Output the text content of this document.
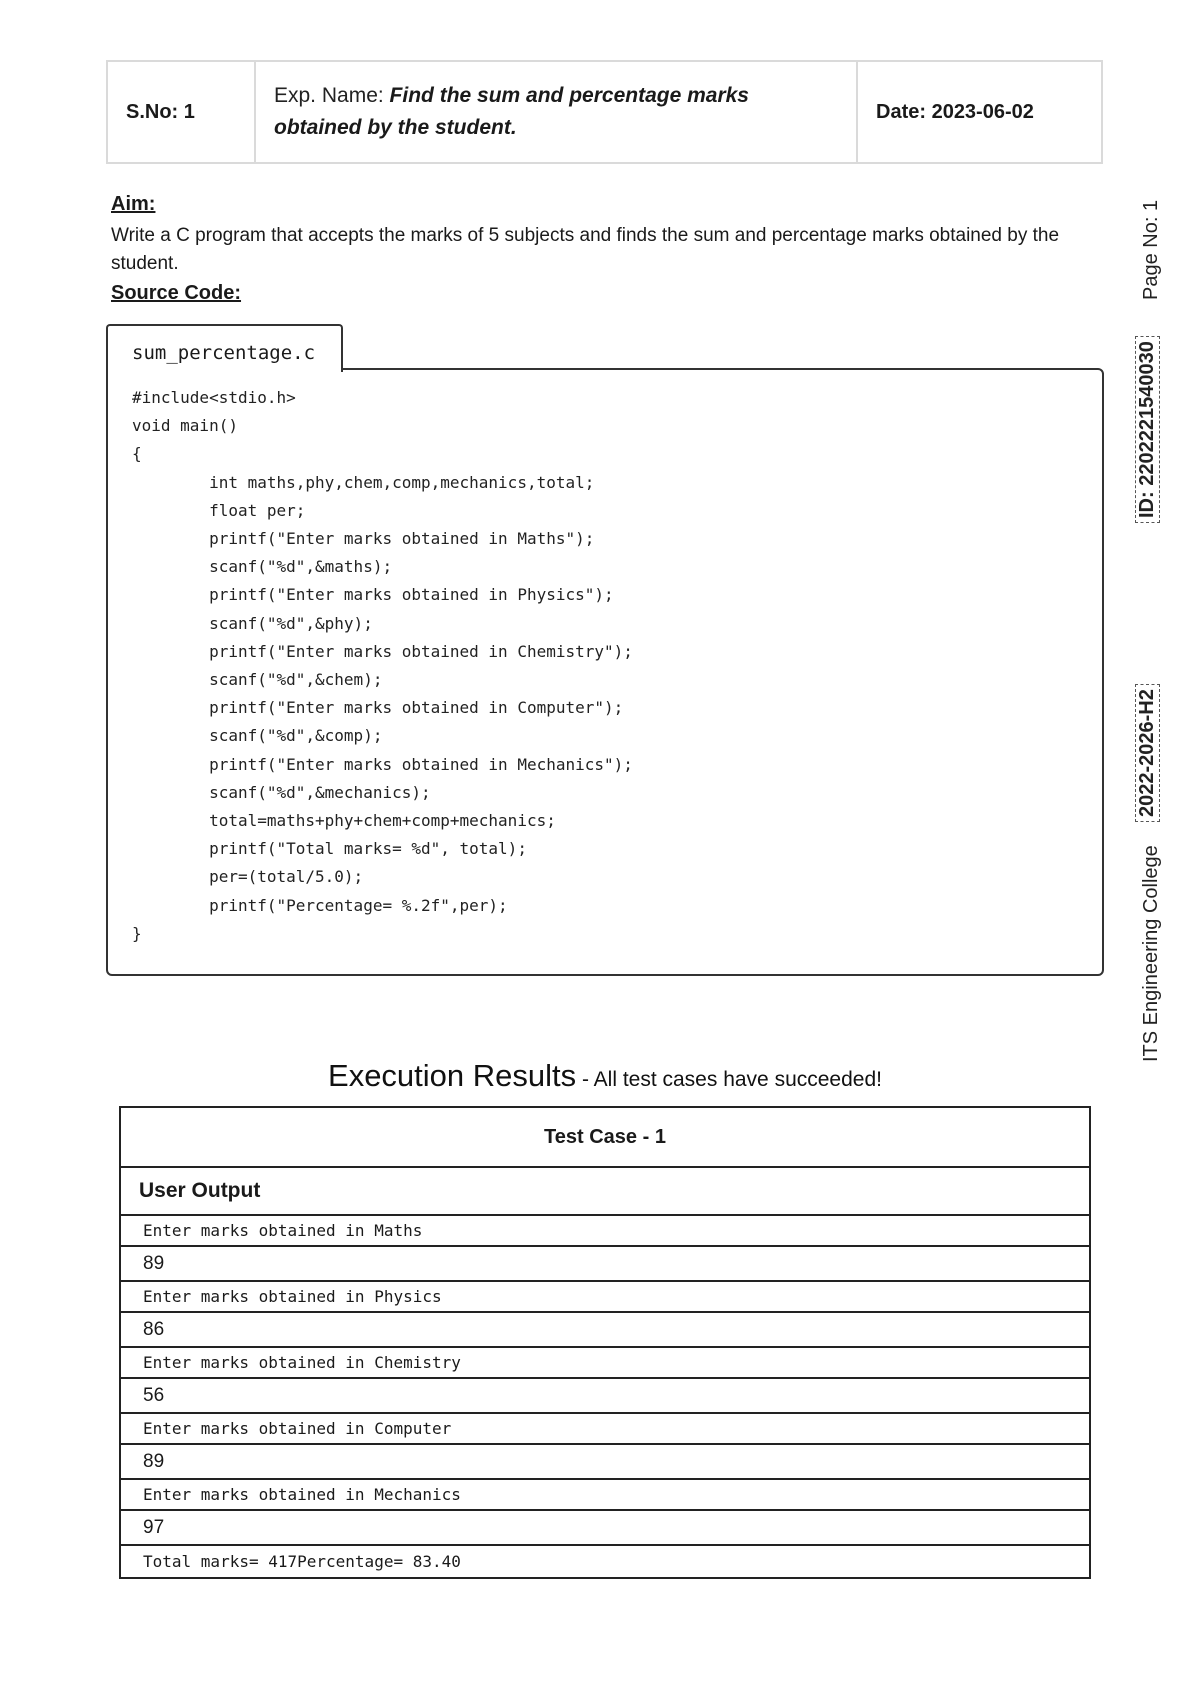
S.No: 1
Exp. Name: Find the sum and percentage marks obtained by the student.
Date: 2023-06-02
Aim:
Write a C program that accepts the marks of 5 subjects and finds the sum and percentage marks obtained by the student.
Source Code:
sum_percentage.c
#include<stdio.h>
void main()
{
int maths,phy,chem,comp,mechanics,total;
float per;
printf("Enter marks obtained in Maths");
scanf("%d",&maths);
printf("Enter marks obtained in Physics");
scanf("%d",&phy);
printf("Enter marks obtained in Chemistry");
scanf("%d",&chem);
printf("Enter marks obtained in Computer");
scanf("%d",&comp);
printf("Enter marks obtained in Mechanics");
scanf("%d",&mechanics);
total=maths+phy+chem+comp+mechanics;
printf("Total marks= %d", total);
per=(total/5.0);
printf("Percentage= %.2f",per);
}
Execution Results - All test cases have succeeded!
Test Case - 1
User Output
Enter marks obtained in Maths
89
Enter marks obtained in Physics
86
Enter marks obtained in Chemistry
56
Enter marks obtained in Computer
89
Enter marks obtained in Mechanics
97
Total marks= 417Percentage= 83.40
Page No: 1
ID: 2202221540030
2022-2026-H2
ITS Engineering College
